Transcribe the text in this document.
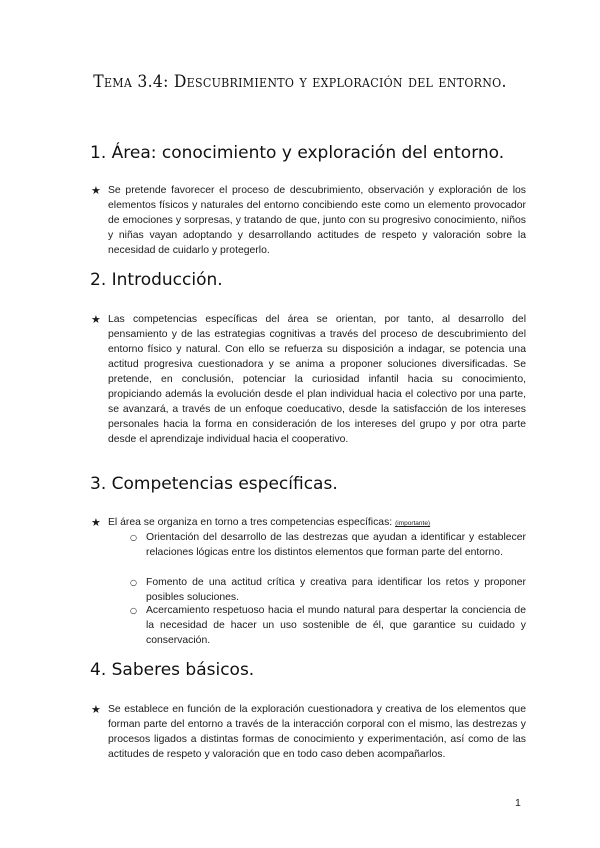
Tema 3.4: Descubrimiento y exploración del entorno.
1. Área: conocimiento y exploración del entorno.
★ Se pretende favorecer el proceso de descubrimiento, observación y exploración de los elementos físicos y naturales del entorno concibiendo este como un elemento provocador de emociones y sorpresas, y tratando de que, junto con su progresivo conocimiento, niños y niñas vayan adoptando y desarrollando actitudes de respeto y valoración sobre la necesidad de cuidarlo y protegerlo.

2. Introducción.
★ Las competencias específicas del área se orientan, por tanto, al desarrollo del pensamiento y de las estrategias cognitivas a través del proceso de descubrimiento del entorno físico y natural. Con ello se refuerza su disposición a indagar, se potencia una actitud progresiva cuestionadora y se anima a proponer soluciones diversificadas. Se pretende, en conclusión, potenciar la curiosidad infantil hacia su conocimiento, propiciando además la evolución desde el plan individual hacia el colectivo por una parte, se avanzará, a través de un enfoque coeducativo, desde la satisfacción de los intereses personales hacia la forma en consideración de los intereses del grupo y por otra parte desde el aprendizaje individual hacia el cooperativo.

3. Competencias específicas.
★ El área se organiza en torno a tres competencias específicas: (importante)

○ Orientación del desarrollo de las destrezas que ayudan a identificar y establecer relaciones lógicas entre los distintos elementos que forman parte del entorno.

○ Fomento de una actitud crítica y creativa para identificar los retos y proponer posibles soluciones.

○ Acercamiento respetuoso hacia el mundo natural para despertar la conciencia de la necesidad de hacer un uso sostenible de él, que garantice su cuidado y conservación.

4. Saberes básicos.
★ Se establece en función de la exploración cuestionadora y creativa de los elementos que forman parte del entorno a través de la interacción corporal con el mismo, las destrezas y procesos ligados a distintas formas de conocimiento y experimentación, así como de las actitudes de respeto y valoración que en todo caso deben acompañarlos.

1
